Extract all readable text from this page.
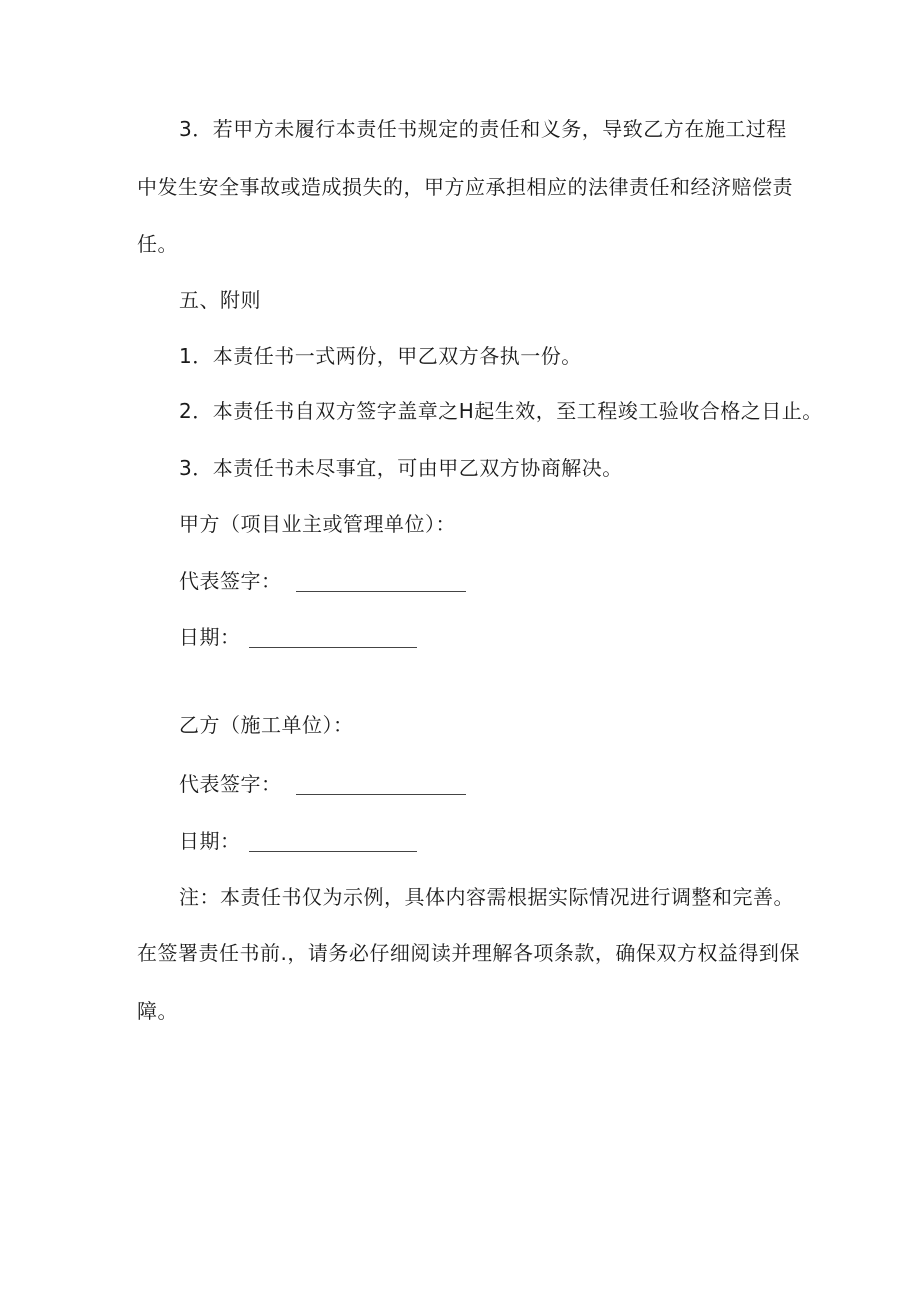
3．若甲方未履行本责任书规定的责任和义务，导致乙方在施工过程
中发生安全事故或造成损失的，甲方应承担相应的法律责任和经济赔偿责
任。
五、附则
1．本责任书一式两份，甲乙双方各执一份。
2．本责任书自双方签字盖章之H起生效，至工程竣工验收合格之日止。
3．本责任书未尽事宜，可由甲乙双方协商解决。
甲方（项目业主或管理单位）：
代表签字：
日期：
乙方（施工单位）：
代表签字：
日期：
注：本责任书仅为示例，具体内容需根据实际情况进行调整和完善。
在签署责任书前.，请务必仔细阅读并理解各项条款，确保双方权益得到保
障。
